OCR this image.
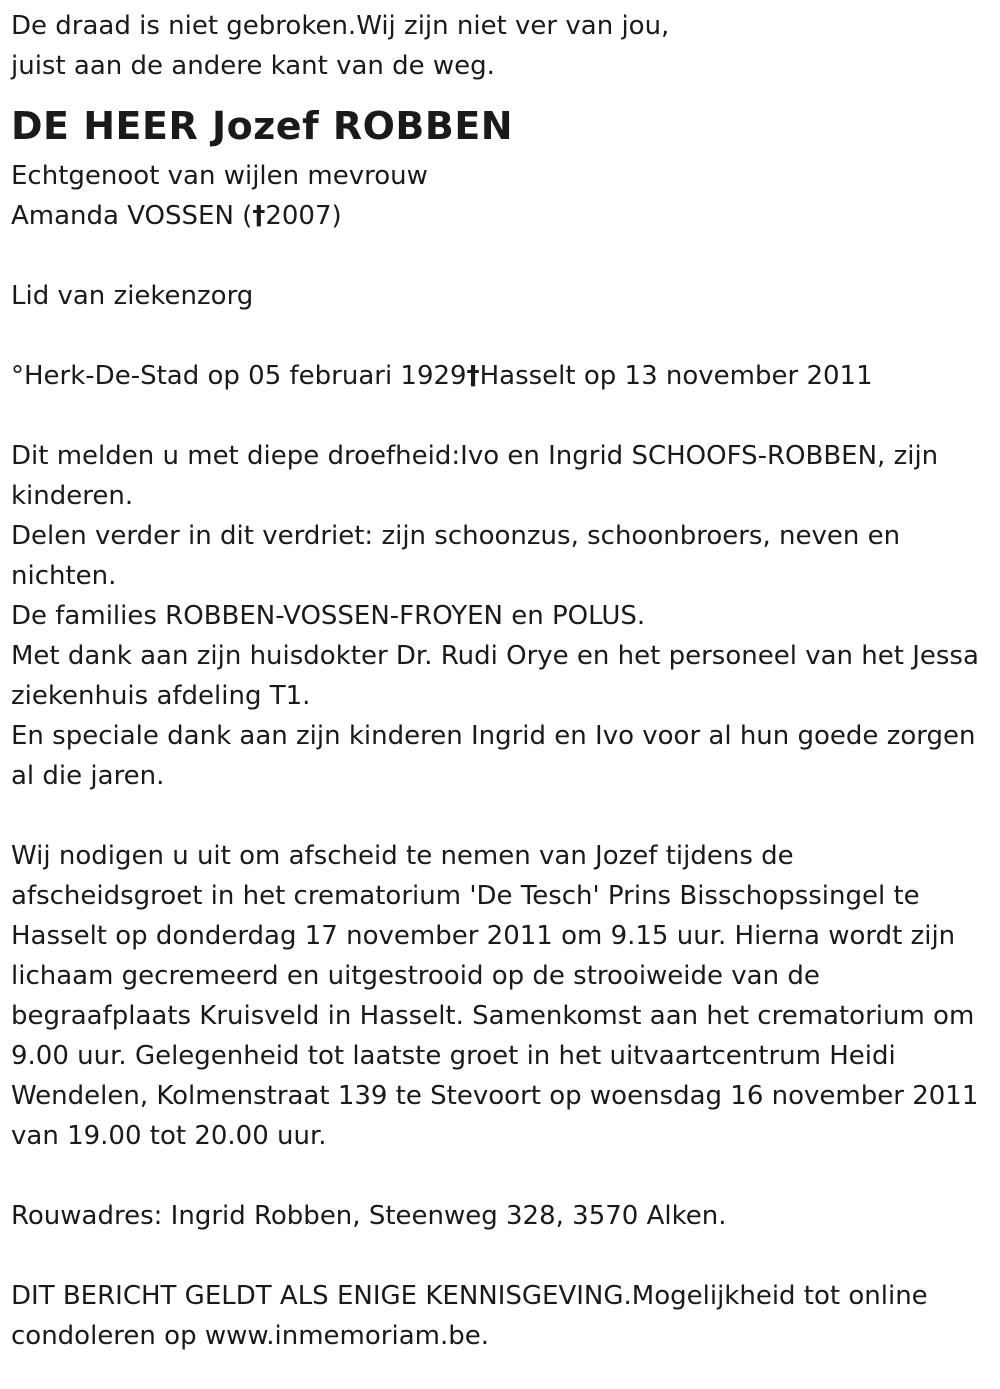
De draad is niet gebroken.Wij zijn niet ver van jou,

juist aan de andere kant van de weg.

DE HEER Jozef ROBBEN

Echtgenoot van wijlen mevrouw

Amanda VOSSEN (†2007)

Lid van ziekenzorg

°Herk-De-Stad op 05 februari 1929†Hasselt op 13 november 2011

Dit melden u met diepe droefheid:Ivo en Ingrid SCHOOFS-ROBBEN, zijn kinderen.

Delen verder in dit verdriet: zijn schoonzus, schoonbroers, neven en nichten.

De families ROBBEN-VOSSEN-FROYEN en POLUS.

Met dank aan zijn huisdokter Dr. Rudi Orye en het personeel van het Jessa ziekenhuis afdeling T1.

En speciale dank aan zijn kinderen Ingrid en Ivo voor al hun goede zorgen al die jaren.

Wij nodigen u uit om afscheid te nemen van Jozef tijdens de afscheidsgroet in het crematorium 'De Tesch' Prins Bisschopssingel te Hasselt op donderdag 17 november 2011 om 9.15 uur. Hierna wordt zijn lichaam gecremeerd en uitgestrooid op de strooiweide van de begraafplaats Kruisveld in Hasselt. Samenkomst aan het crematorium om 9.00 uur. Gelegenheid tot laatste groet in het uitvaartcentrum Heidi Wendelen, Kolmenstraat 139 te Stevoort op woensdag 16 november 2011 van 19.00 tot 20.00 uur.

Rouwadres: Ingrid Robben, Steenweg 328, 3570 Alken.

DIT BERICHT GELDT ALS ENIGE KENNISGEVING.Mogelijkheid tot online condoleren op www.inmemoriam.be.
